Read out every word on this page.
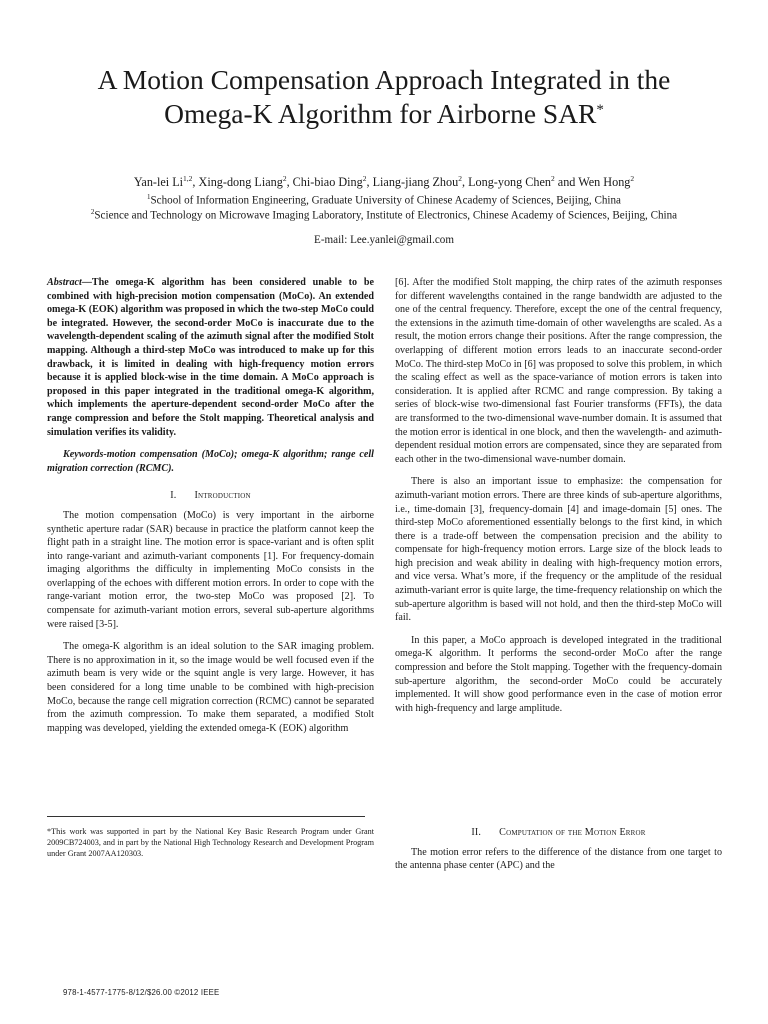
A Motion Compensation Approach Integrated in the
Omega-K Algorithm for Airborne SAR*
Yan-lei Li$^{1,2}$, Xing-dong Liang$^2$, Chi-biao Ding$^2$, Liang-jiang Zhou$^2$, Long-yong Chen$^2$ and Wen Hong$^2$
$^1$School of Information Engineering, Graduate University of Chinese Academy of Sciences, Beijing, China
$^2$Science and Technology on Microwave Imaging Laboratory, Institute of Electronics, Chinese Academy of Sciences, Beijing, China
E-mail: Lee.yanlei@gmail.com

Abstract—The omega-K algorithm has been considered unable to be combined with high-precision motion compensation (MoCo). An extended omega-K (EOK) algorithm was proposed in which the two-step MoCo could be integrated. However, the second-order MoCo is inaccurate due to the wavelength-dependent scaling of the azimuth signal after the modified Stolt mapping. Although a third-step MoCo was introduced to make up for this drawback, it is limited in dealing with high-frequency motion errors because it is applied block-wise in the time domain. A MoCo approach is proposed in this paper integrated in the traditional omega-K algorithm, which implements the aperture-dependent second-order MoCo after the range compression and before the Stolt mapping. Theoretical analysis and simulation verifies its validity.

Keywords-motion compensation (MoCo); omega-K algorithm; range cell migration correction (RCMC).

I. Introduction

The motion compensation (MoCo) is very important in the airborne synthetic aperture radar (SAR) because in practice the platform cannot keep the flight path in a straight line. The motion error is space-variant and is often split into range-variant and azimuth-variant components [1]. For frequency-domain imaging algorithms the difficulty in implementing MoCo consists in the overlapping of the echoes with different motion errors. In order to cope with the range-variant motion error, the two-step MoCo was proposed [2]. To compensate for azimuth-variant motion errors, several sub-aperture algorithms were raised [3-5].

The omega-K algorithm is an ideal solution to the SAR imaging problem. There is no approximation in it, so the image would be well focused even if the azimuth beam is very wide or the squint angle is very large. However, it has been considered for a long time unable to be combined with high-precision MoCo, because the range cell migration correction (RCMC) cannot be separated from the azimuth compression. To make them separated, a modified Stolt mapping was developed, yielding the extended omega-K (EOK) algorithm

*This work was supported in part by the National Key Basic Research Program under Grant 2009CB724003, and in part by the National High Technology Research and Development Program under Grant 2007AA120303.

[6]. After the modified Stolt mapping, the chirp rates of the azimuth responses for different wavelengths contained in the range bandwidth are adjusted to the one of the central frequency. Therefore, except the one of the central frequency, the extensions in the azimuth time-domain of other wavelengths are scaled. As a result, the motion errors change their positions. After the range compression, the overlapping of different motion errors leads to an inaccurate second-order MoCo. The third-step MoCo in [6] was proposed to solve this problem, in which the scaling effect as well as the space-variance of motion errors is taken into consideration. It is applied after RCMC and range compression. By taking a series of block-wise two-dimensional fast Fourier transforms (FFTs), the data are transformed to the two-dimensional wave-number domain. It is assumed that the motion error is identical in one block, and then the wavelength- and azimuth- dependent residual motion errors are compensated, since they are separated from each other in the two-dimensional wave-number domain.

There is also an important issue to emphasize: the compensation for azimuth-variant motion errors. There are three kinds of sub-aperture algorithms, i.e., time-domain [3], frequency-domain [4] and image-domain [5] ones. The third-step MoCo aforementioned essentially belongs to the first kind, in which there is a trade-off between the compensation precision and the ability to compensate for high-frequency motion errors. Large size of the block leads to high precision and weak ability in dealing with high-frequency motion errors, and vice versa. What’s more, if the frequency or the amplitude of the residual azimuth-variant error is quite large, the time-frequency relationship on which the sub-aperture algorithm is based will not hold, and then the third-step MoCo will fail.

In this paper, a MoCo approach is developed integrated in the traditional omega-K algorithm. It performs the second-order MoCo after the range compression and before the Stolt mapping. Together with the frequency-domain sub-aperture algorithm, the second-order MoCo could be accurately implemented. It will show good performance even in the case of motion error with high-frequency and large amplitude.

II. Computation of the Motion Error

The motion error refers to the difference of the distance from one target to the antenna phase center (APC) and the

978-1-4577-1775-8/12/$26.00 ©2012 IEEE
